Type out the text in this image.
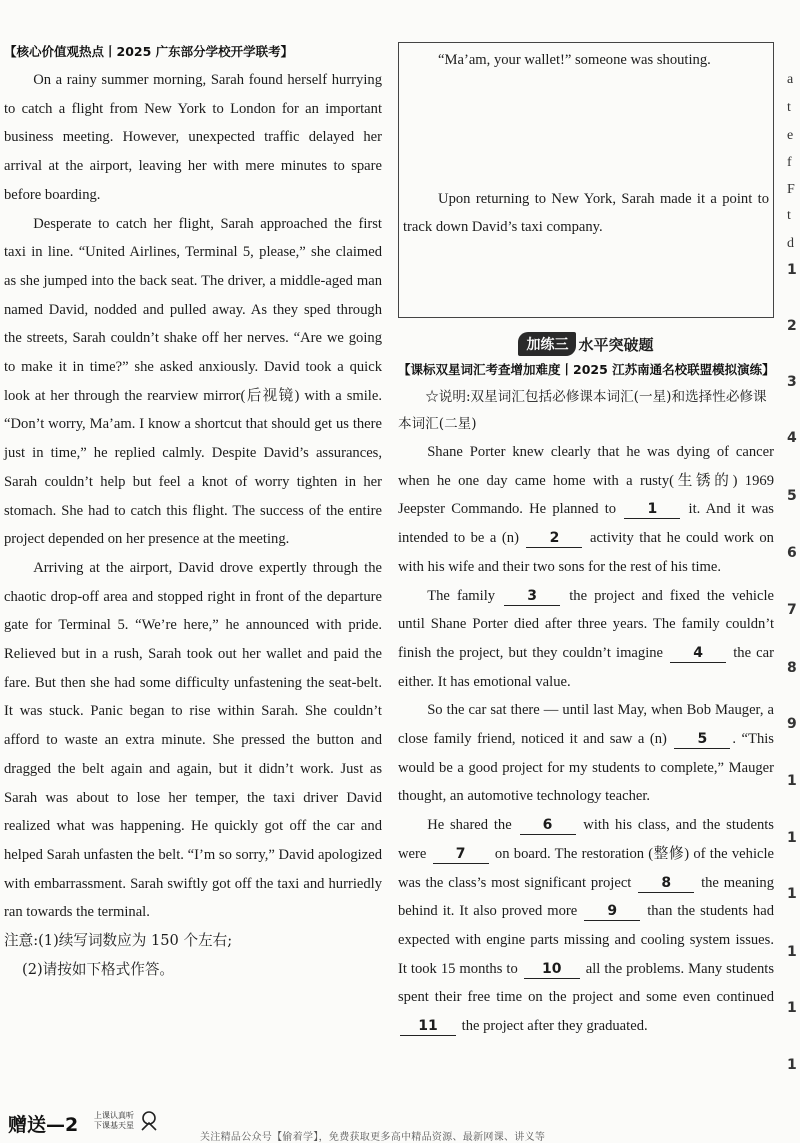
【核心价值观热点丨2025 广东部分学校开学联考】

On a rainy summer morning, Sarah found herself hurrying to catch a flight from New York to London for an important business meeting. However, unexpected traffic delayed her arrival at the airport, leaving her with mere minutes to spare before boarding.

Desperate to catch her flight, Sarah approached the first taxi in line. “United Airlines, Terminal 5, please,” she claimed as she jumped into the back seat. The driver, a middle-aged man named David, nodded and pulled away. As they sped through the streets, Sarah couldn’t shake off her nerves. “Are we going to make it in time?” she asked anxiously. David took a quick look at her through the rearview mirror(后视镜) with a smile. “Don’t worry, Ma’am. I know a shortcut that should get us there just in time,” he replied calmly. Despite David’s assurances, Sarah couldn’t help but feel a knot of worry tighten in her stomach. She had to catch this flight. The success of the entire project depended on her presence at the meeting.

Arriving at the airport, David drove expertly through the chaotic drop-off area and stopped right in front of the departure gate for Terminal 5. “We’re here,” he announced with pride. Relieved but in a rush, Sarah took out her wallet and paid the fare. But then she had some difficulty unfastening the seat-belt. It was stuck. Panic began to rise within Sarah. She couldn’t afford to waste an extra minute. She pressed the button and dragged the belt again and again, but it didn’t work. Just as Sarah was about to lose her temper, the taxi driver David realized what was happening. He quickly got off the car and helped Sarah unfasten the belt. “I’m so sorry,” David apologized with embarrassment. Sarah swiftly got off the taxi and hurriedly ran towards the terminal.

注意:(1)续写词数应为 150 个左右;

(2)请按如下格式作答。

“Ma’am, your wallet!” someone was shouting.

Upon returning to New York, Sarah made it a point to track down David’s taxi company.

加练三 水平突破题
【课标双星词汇考查增加难度丨2025 江苏南通名校联盟模拟演练】

☆说明:双星词汇包括必修课本词汇(一星)和选择性必修课本词汇(二星)

Shane Porter knew clearly that he was dying of cancer when he one day came home with a rusty(生锈的) 1969 Jeepster Commando. He planned to 1 it. And it was intended to be a (n) 2 activity that he could work on with his wife and their two sons for the rest of his time.

The family 3 the project and fixed the vehicle until Shane Porter died after three years. The family couldn’t finish the project, but they couldn’t imagine 4 the car either. It has emotional value.

So the car sat there — until last May, when Bob Mauger, a close family friend, noticed it and saw a (n) 5 . “This would be a good project for my students to complete,” Mauger thought, an automotive technology teacher.

He shared the 6 with his class, and the students were 7 on board. The restoration (整修) of the vehicle was the class’s most significant project 8 the meaning behind it. It also proved more 9 than the students had expected with engine parts missing and cooling system issues. It took 15 months to 10 all the problems. Many students spent their free time on the project and some even continued 11 the project after they graduated.

a
t
e
f
F
t
d
1
2
3
4
5
6
7
8
9
1
1
1
1
1
1
赠送—2 上课认真听
下课基天星
关注精品公众号【偷着学】，免费获取更多高中精品资源、最新网课、讲义等
